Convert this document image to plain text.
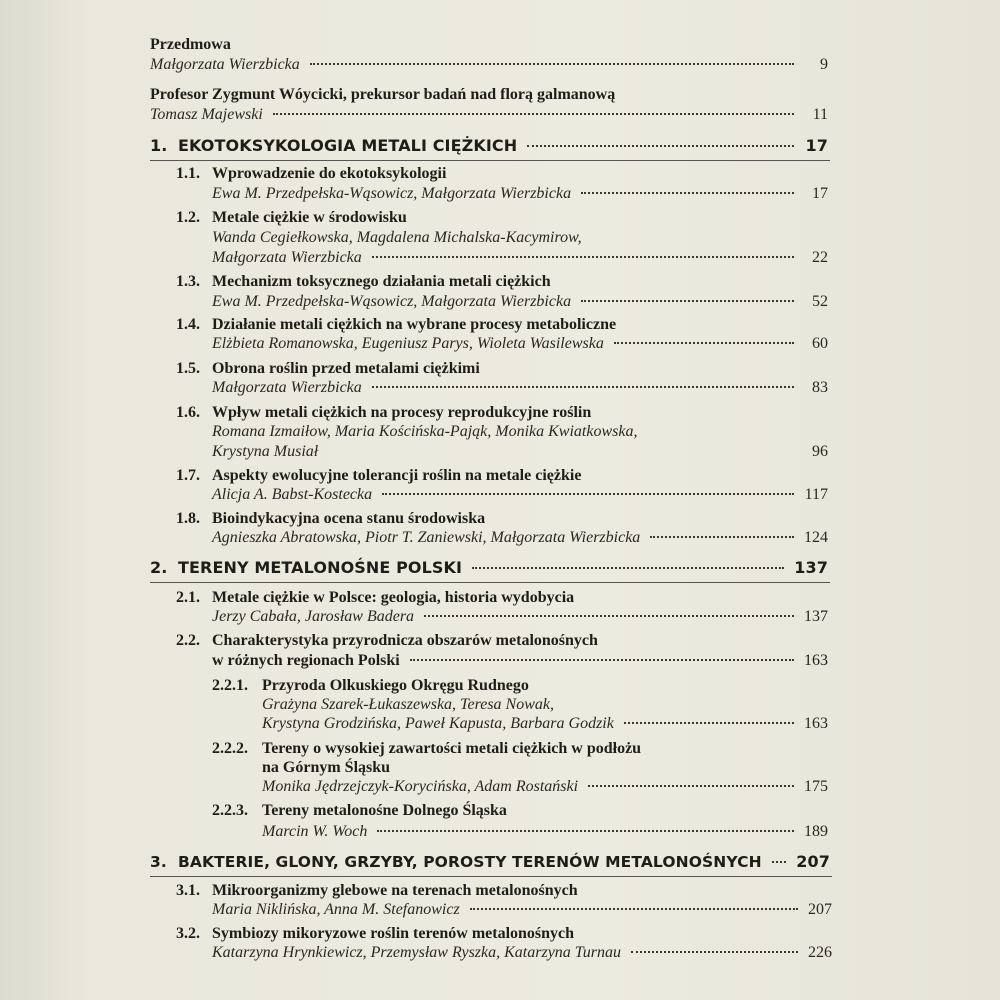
Przedmowa
Małgorzata Wierzbicka	9
Profesor Zygmunt Wóycicki, prekursor badań nad florą galmanową
Tomasz Majewski	11
1. EKOTOKSYKOLOGIA METALI CIĘŻKICH	17
1.1. Wprowadzenie do ekotoksykologii
Ewa M. Przedpełska-Wąsowicz, Małgorzata Wierzbicka	17
1.2. Metale ciężkie w środowisku
Wanda Cegiełkowska, Magdalena Michalska-Kacymirow,
Małgorzata Wierzbicka	22
1.3. Mechanizm toksycznego działania metali ciężkich
Ewa M. Przedpełska-Wąsowicz, Małgorzata Wierzbicka	52
1.4. Działanie metali ciężkich na wybrane procesy metaboliczne
Elżbieta Romanowska, Eugeniusz Parys, Wioleta Wasilewska	60
1.5. Obrona roślin przed metalami ciężkimi
Małgorzata Wierzbicka	83
1.6. Wpływ metali ciężkich na procesy reprodukcyjne roślin
Romana Izmaiłow, Maria Kościńska-Pająk, Monika Kwiatkowska,
Krystyna Musiał	96
1.7. Aspekty ewolucyjne tolerancji roślin na metale ciężkie
Alicja A. Babst-Kostecka	117
1.8. Bioindykacyjna ocena stanu środowiska
Agnieszka Abratowska, Piotr T. Zaniewski, Małgorzata Wierzbicka	124
2. TERENY METALONOŚNE POLSKI	137
2.1. Metale ciężkie w Polsce: geologia, historia wydobycia
Jerzy Cabała, Jarosław Badera	137
2.2. Charakterystyka przyrodnicza obszarów metalonośnych
w różnych regionach Polski	163
2.2.1. Przyroda Olkuskiego Okręgu Rudnego
Grażyna Szarek-Łukaszewska, Teresa Nowak,
Krystyna Grodzińska, Paweł Kapusta, Barbara Godzik	163
2.2.2. Tereny o wysokiej zawartości metali ciężkich w podłożu
na Górnym Śląsku
Monika Jędrzejczyk-Korycińska, Adam Rostański	175
2.2.3. Tereny metalonośne Dolnego Śląska
Marcin W. Woch	189
3. BAKTERIE, GLONY, GRZYBY, POROSTY TERENÓW METALONOŚNYCH 207
3.1. Mikroorganizmy glebowe na terenach metalonośnych
Maria Niklińska, Anna M. Stefanowicz	207
3.2. Symbiozy mikoryzowe roślin terenów metalonośnych
Katarzyna Hrynkiewicz, Przemysław Ryszka, Katarzyna Turnau	226
